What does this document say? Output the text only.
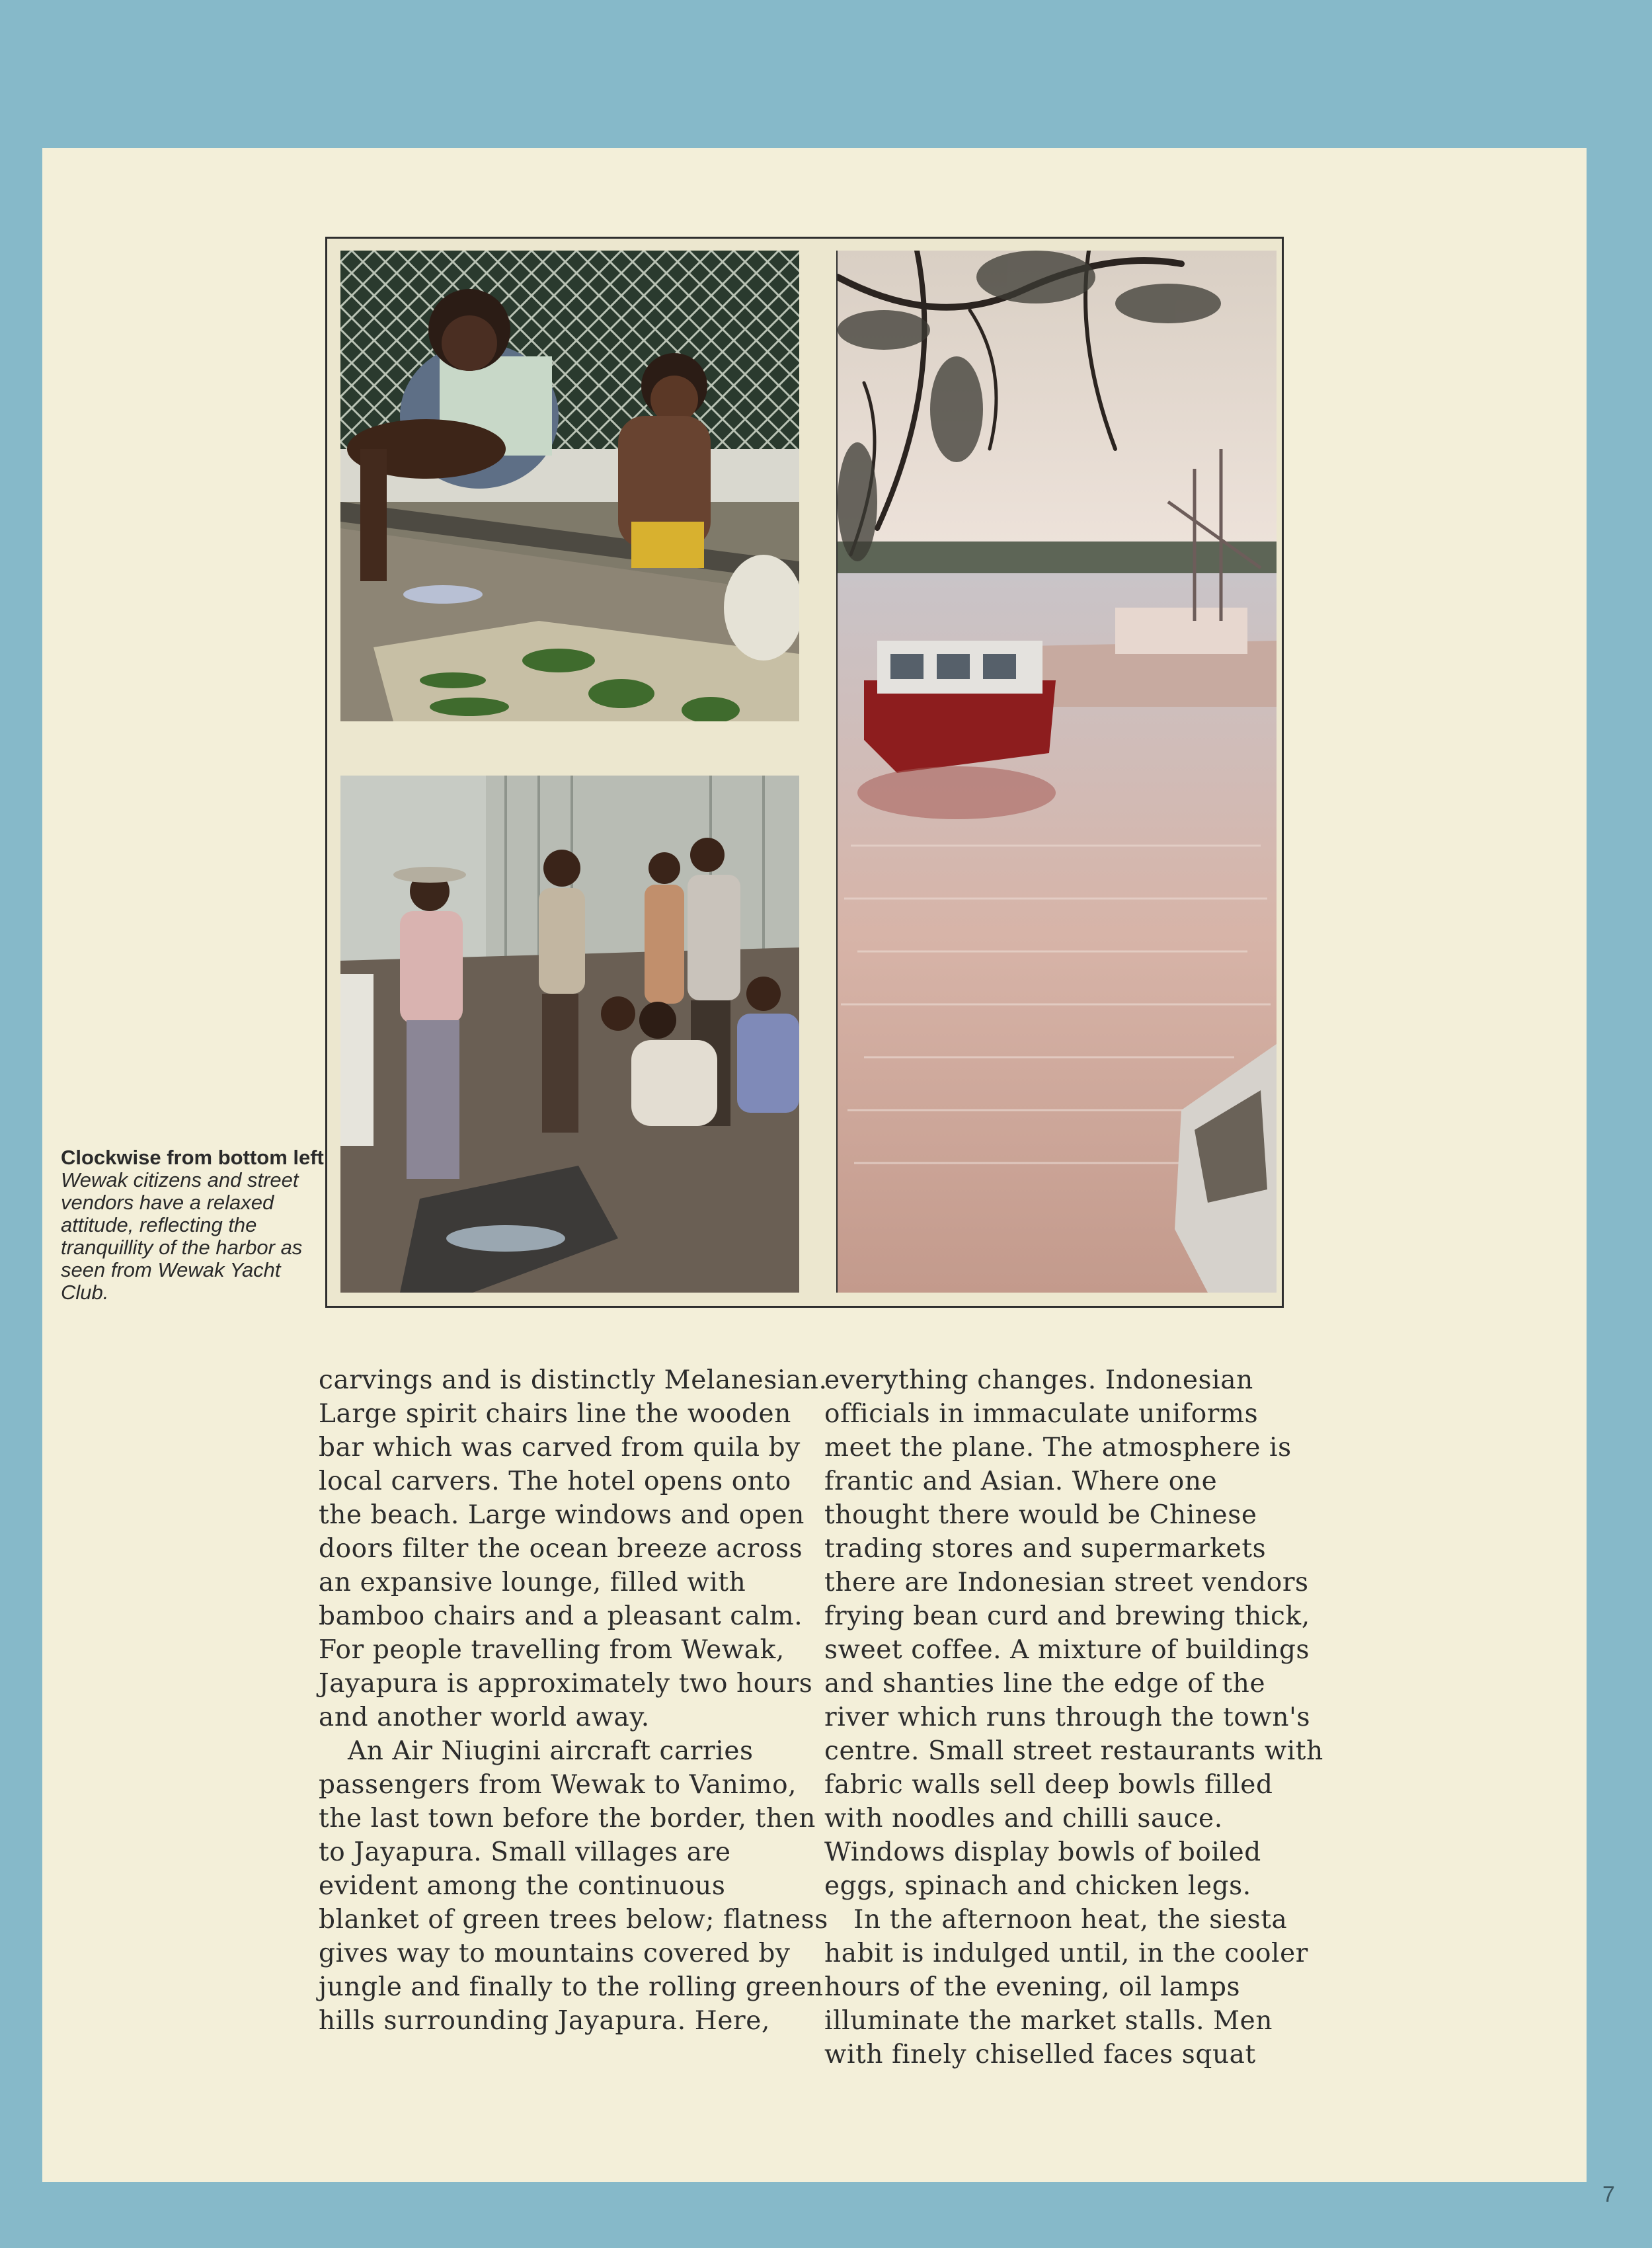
Clockwise from bottom left Wewak citizens and street vendors have a relaxed attitude, reflecting the tranquillity of the harbor as seen from Wewak Yacht Club.

carvings and is distinctly Melanesian. Large spirit chairs line the wooden bar which was carved from quila by local carvers. The hotel opens onto the beach. Large windows and open doors filter the ocean breeze across an expansive lounge, filled with bamboo chairs and a pleasant calm. For people travelling from Wewak, Jayapura is approximately two hours and another world away.

An Air Niugini aircraft carries passengers from Wewak to Vanimo, the last town before the border, then to Jayapura. Small villages are evident among the continuous blanket of green trees below; flatness gives way to mountains covered by jungle and finally to the rolling green hills surrounding Jayapura. Here,

everything changes. Indonesian officials in immaculate uniforms meet the plane. The atmosphere is frantic and Asian. Where one thought there would be Chinese trading stores and supermarkets there are Indonesian street vendors frying bean curd and brewing thick, sweet coffee. A mixture of buildings and shanties line the edge of the river which runs through the town's centre. Small street restaurants with fabric walls sell deep bowls filled with noodles and chilli sauce. Windows display bowls of boiled eggs, spinach and chicken legs.

In the afternoon heat, the siesta habit is indulged until, in the cooler hours of the evening, oil lamps illuminate the market stalls. Men with finely chiselled faces squat

7
